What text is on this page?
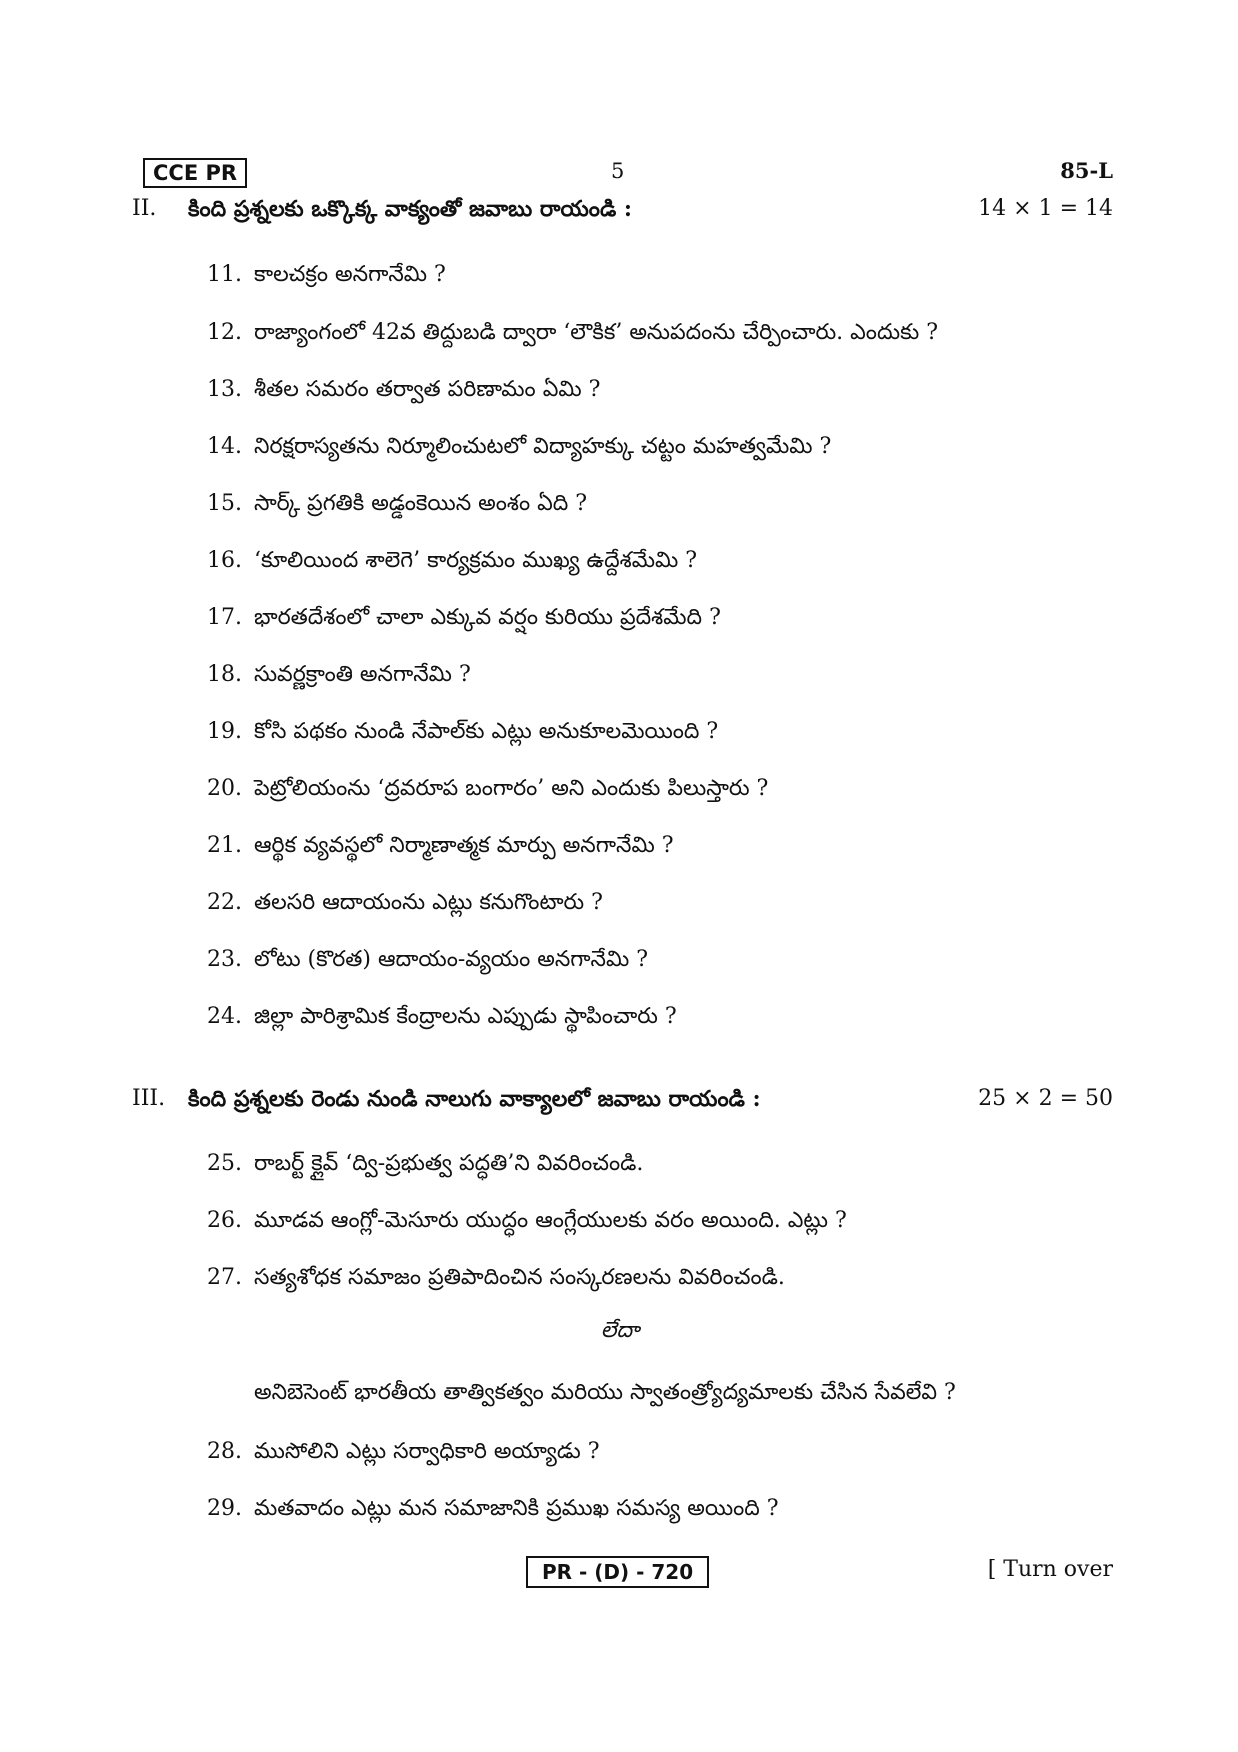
CCE PR	5	85-L
II. కింది ప్రశ్నలకు ఒక్కొక్క వాక్యంతో జవాబు రాయండి :	14 × 1 = 14
11. కాలచక్రం అనగానేమి ?
12. రాజ్యాంగంలో 42వ తిద్దుబడి ద్వారా ‘లౌకిక’ అనుపదంను చేర్పించారు. ఎందుకు ?
13. శీతల సమరం తర్వాత పరిణామం ఏమి ?
14. నిరక్షరాస్యతను నిర్మూలించుటలో విద్యాహక్కు చట్టం మహత్వమేమి ?
15. సార్క్ ప్రగతికి అడ్డంకెయిన అంశం ఏది ?
16. ‘కూలియింద శాలెగె’ కార్యక్రమం ముఖ్య ఉద్దేశమేమి ?
17. భారతదేశంలో చాలా ఎక్కువ వర్షం కురియు ప్రదేశమేది ?
18. సువర్ణక్రాంతి అనగానేమి ?
19. కోసి పథకం నుండి నేపాల్‌కు ఎట్లు అనుకూలమెయింది ?
20. పెట్రోలియంను ‘ద్రవరూప బంగారం’ అని ఎందుకు పిలుస్తారు ?
21. ఆర్థిక వ్యవస్థలో నిర్మాణాత్మక మార్పు అనగానేమి ?
22. తలసరి ఆదాయంను ఎట్లు కనుగొంటారు ?
23. లోటు (కొరత) ఆదాయం-వ్యయం అనగానేమి ?
24. జిల్లా పారిశ్రామిక కేంద్రాలను ఎప్పుడు స్థాపించారు ?
III. కింది ప్రశ్నలకు రెండు నుండి నాలుగు వాక్యాలలో జవాబు రాయండి :	25 × 2 = 50
25. రాబర్ట్ క్లైవ్ ‘ద్వి-ప్రభుత్వ పద్ధతి’ని వివరించండి.
26. మూడవ ఆంగ్లో-మెసూరు యుద్ధం ఆంగ్లేయులకు వరం అయింది. ఎట్లు ?
27. సత్యశోధక సమాజం ప్రతిపాదించిన సంస్కరణలను వివరించండి.
లేదా
అనిబెసెంట్ భారతీయ తాత్వికత్వం మరియు స్వాతంత్ర్యోద్యమాలకు చేసిన సేవలేవి ?
28. ముసోలిని ఎట్లు సర్వాధికారి అయ్యాడు ?
29. మతవాదం ఎట్లు మన సమాజానికి ప్రముఖ సమస్య అయింది ?
PR - (D) - 720	[ Turn over
